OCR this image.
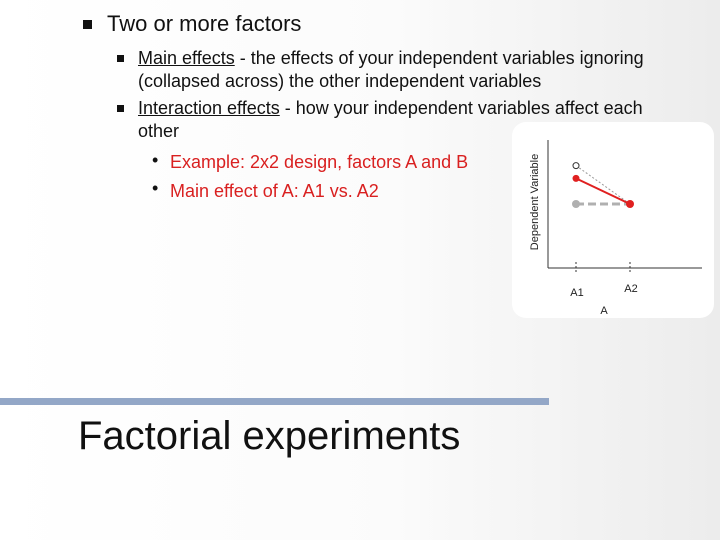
Two or more factors
Main effects - the effects of your independent variables ignoring
(collapsed across) the other independent variables
Interaction effects - how your independent variables affect each
other
• Example: 2x2 design, factors A and B
• Main effect of A: A1 vs. A2
A1	A2
A
Dependent Variable
Factorial experiments
